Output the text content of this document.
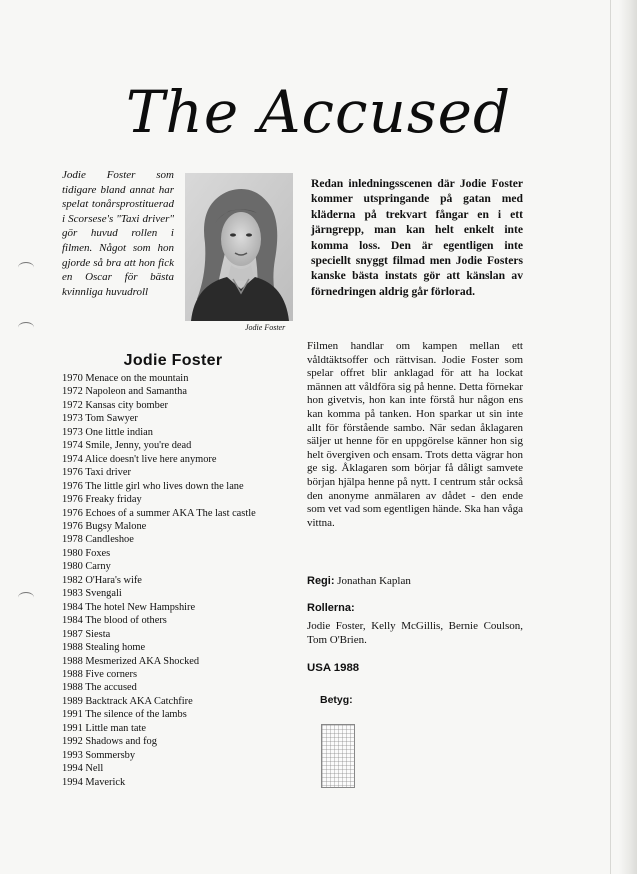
The Accused
Jodie Foster som tidigare bland annat har spelat tonårsprostituerad i Scorsese's "Taxi driver" gör huvud rollen i filmen. Något som hon gjorde så bra att hon fick en Oscar för bästa kvinnliga huvudroll
Jodie Foster
Redan inledningsscenen där Jodie Foster kommer utspringande på gatan med kläderna på trekvart fångar en i ett järngrepp, man kan helt enkelt inte komma loss. Den är egentligen inte speciellt snyggt filmad men Jodie Fosters kanske bästa instats gör att känslan av förnedringen aldrig går förlorad.
Jodie Foster
1970 Menace on the mountain
1972 Napoleon and Samantha
1972 Kansas city bomber
1973 Tom Sawyer
1973 One little indian
1974 Smile, Jenny, you're dead
1974 Alice doesn't live here anymore
1976 Taxi driver
1976 The little girl who lives down the lane
1976 Freaky friday
1976 Echoes of a summer AKA The last castle
1976 Bugsy Malone
1978 Candleshoe
1980 Foxes
1980 Carny
1982 O'Hara's wife
1983 Svengali
1984 The hotel New Hampshire
1984 The blood of others
1987 Siesta
1988 Stealing home
1988 Mesmerized AKA Shocked
1988 Five corners
1988 The accused
1989 Backtrack AKA Catchfire
1991 The silence of the lambs
1991 Little man tate
1992 Shadows and fog
1993 Sommersby
1994 Nell
1994 Maverick
Filmen handlar om kampen mellan ett våldtäktsoffer och rättvisan. Jodie Foster som spelar offret blir anklagad för att ha lockat männen att våldföra sig på henne. Detta förnekar hon givetvis, hon kan inte förstå hur någon ens kan komma på tanken. Hon sparkar ut sin inte allt för förstående sambo. När sedan åklagaren säljer ut henne för en uppgörelse känner hon sig helt övergiven och ensam. Trots detta vägrar hon ge sig. Åklagaren som börjar få dåligt samvete början hjälpa henne på nytt. I centrum står också den anonyme anmälaren av dådet - den ende som vet vad som egentligen hände. Ska han våga vittna.
Regi: Jonathan Kaplan
Rollerna:
Jodie Foster, Kelly McGillis, Bernie Coulson, Tom O'Brien.
USA 1988
Betyg:
